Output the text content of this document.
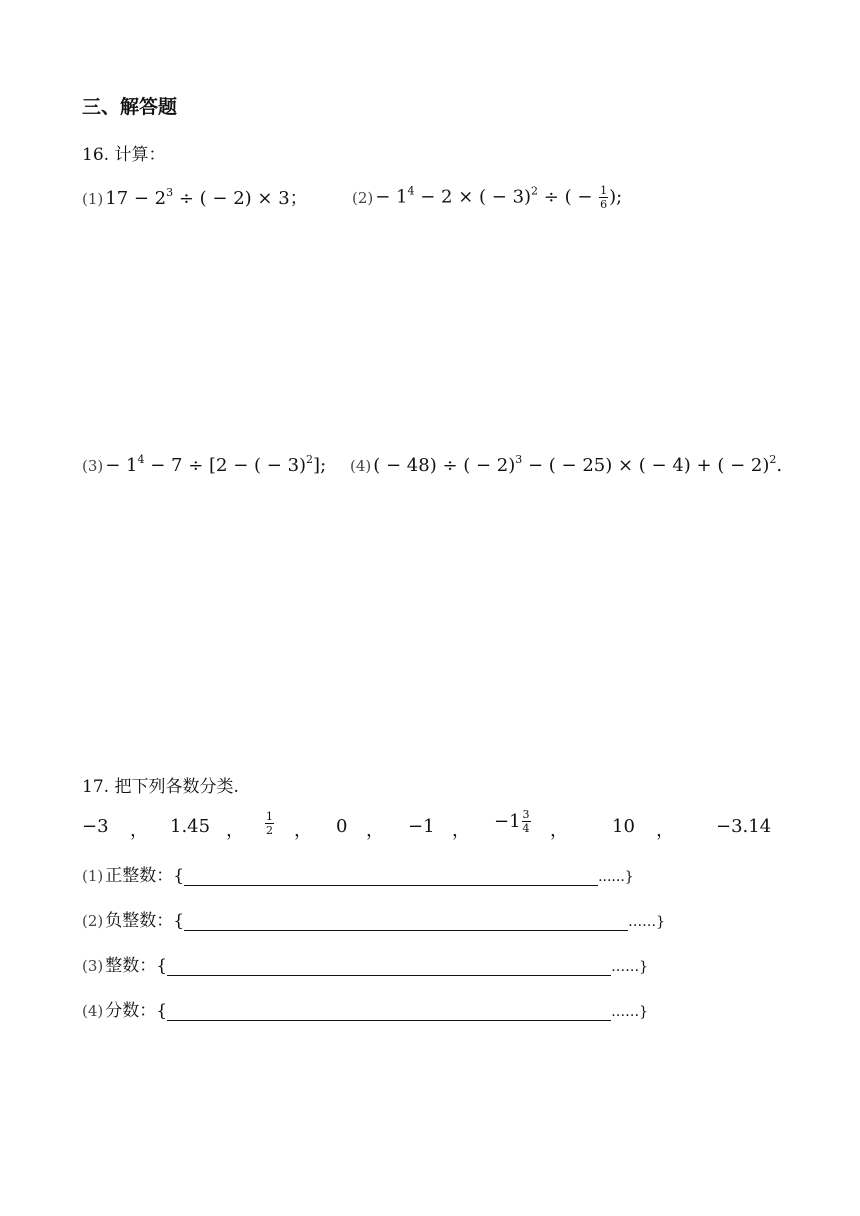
三、解答题
16. 计算：
(1) $17 - 2^3$ ÷ ( − 2) × 3；	$(2) - 1^4 - 2$ × ( − 3)$^2$ ÷ ( − $\frac{1}{6}$ );
$(3) - 1^4 - 7 \div [2$ − ( − 3)$^2$]; (4) ( − 48) ÷ ( − 2)$^3$ − ( − 25) × ( − 4) + ( − 2)$^2$.
17. 把下列各数分类.
−3 ， 1.45 ， $\frac{1}{2}$ ， 0 ， −1 ， $-1 \frac{3}{4}$ ， 10 ， −3.14
(1) 正整数：{	......}
(2) 负整数：{	……}
(3) 整数：{	……}
(4) 分数：{	……}
